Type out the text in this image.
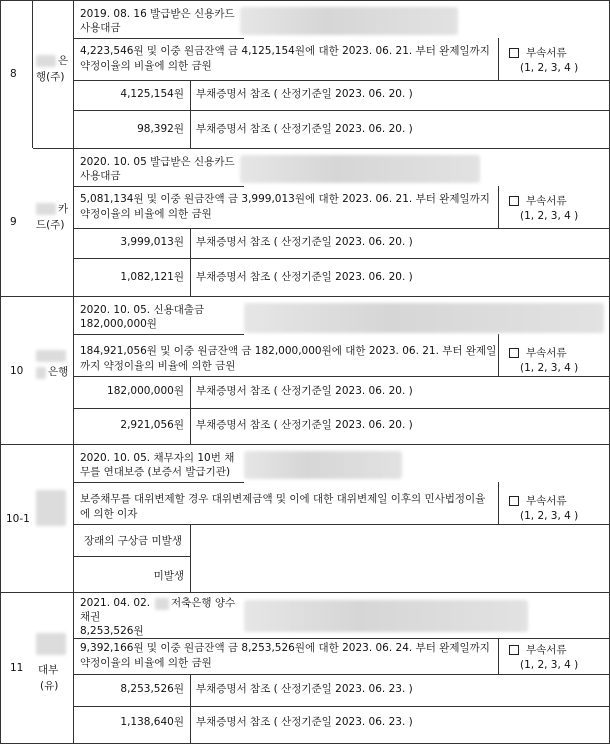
8
은
행(주)
2019. 08. 16 발급받은 신용카드
사용대금
4,223,546원 및 이중 원금잔액 금 4,125,154원에 대한 2023. 06. 21. 부터 완제일까지
약정이율의 비율에 의한 금원
부속서류
(1, 2, 3, 4 )
4,125,154원 부채증명서 참조 ( 산정기준일 2023. 06. 20. )
98,392원 부채증명서 참조 ( 산정기준일 2023. 06. 20. )
9
카
드(주)
2020. 10. 05 발급받은 신용카드
사용대금
5,081,134원 및 이중 원금잔액 금 3,999,013원에 대한 2023. 06. 21. 부터 완제일까지
약정이율의 비율에 의한 금원
부속서류
(1, 2, 3, 4 )
3,999,013원 부채증명서 참조 ( 산정기준일 2023. 06. 20. )
1,082,121원 부채증명서 참조 ( 산정기준일 2023. 06. 20. )
10 은행
2020. 10. 05. 신용대출금
182,000,000원
184,921,056원 및 이중 원금잔액 금 182,000,000원에 대한 2023. 06. 21. 부터 완제일
까지 약정이율의 비율에 의한 금원
부속서류
(1, 2, 3, 4 )
182,000,000원 부채증명서 참조 ( 산정기준일 2023. 06. 20. )
2,921,056원 부채증명서 참조 ( 산정기준일 2023. 06. 20. )
10-1
2020. 10. 05. 채무자의 10번 채
무를 연대보증 (보증서 발급기관)
보증채무를 대위변제할 경우 대위변제금액 및 이에 대한 대위변제일 이후의 민사법정이율
에 의한 이자
부속서류
(1, 2, 3, 4 )
장래의 구상금 미발생
미발생
11 대부
(유)
2021. 04. 02. 저축은행 양수
채권
8,253,526원
9,392,166원 및 이중 원금잔액 금 8,253,526원에 대한 2023. 06. 24. 부터 완제일까지
약정이율의 비율에 의한 금원
부속서류
(1, 2, 3, 4 )
8,253,526원 부채증명서 참조 ( 산정기준일 2023. 06. 23. )
1,138,640원 부채증명서 참조 ( 산정기준일 2023. 06. 23. )
